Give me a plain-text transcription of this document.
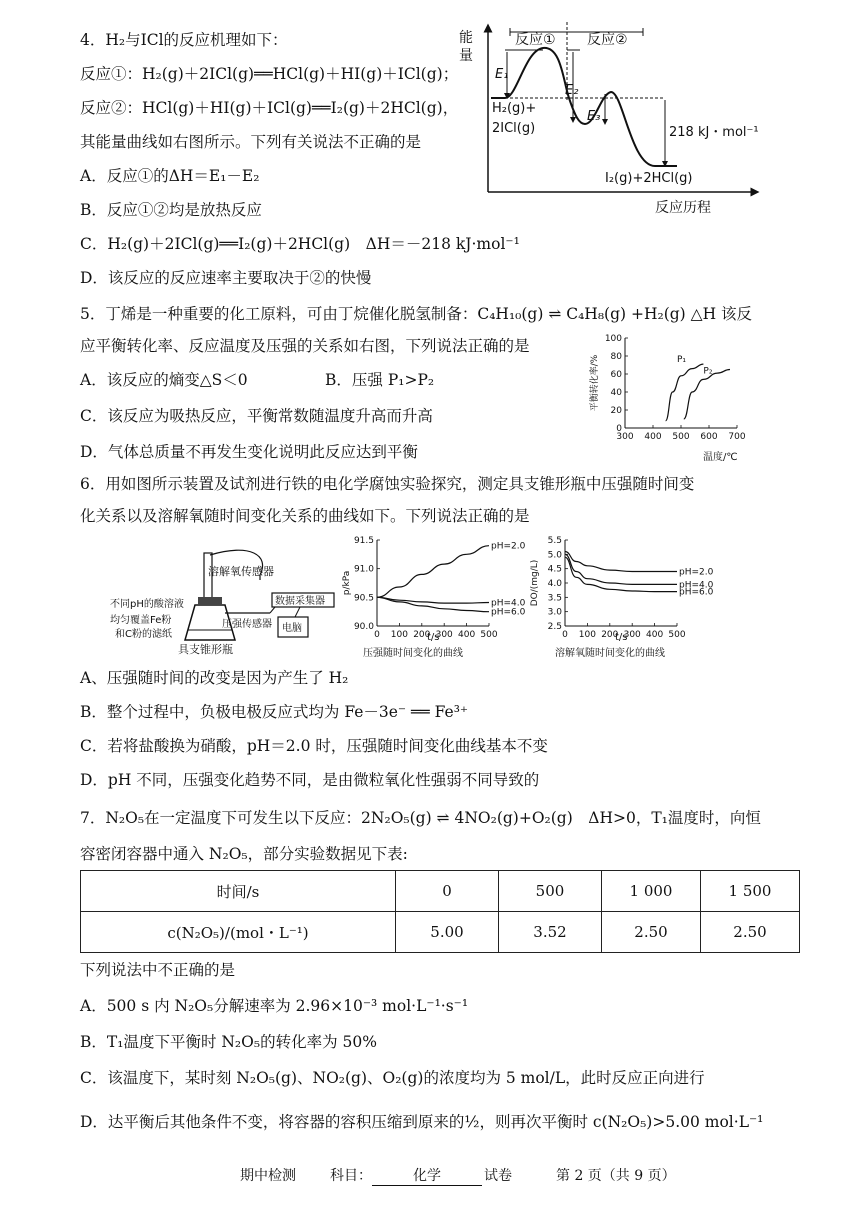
4．H₂与ICl的反应机理如下：
反应①：H₂(g)＋2ICl(g)══HCl(g)＋HI(g)＋ICl(g)；
反应②：HCl(g)＋HI(g)＋ICl(g)══I₂(g)＋2HCl(g)，
其能量曲线如右图所示。下列有关说法不正确的是
A．反应①的ΔH＝E₁－E₂
B．反应①②均是放热反应
C．H₂(g)＋2ICl(g)══I₂(g)＋2HCl(g)　ΔH＝－218 kJ·mol⁻¹
D．该反应的反应速率主要取决于②的快慢
能
量
反应历程
反应① 反应②
E₁
E₂
E₃
H₂(g)+
2ICl(g)	218 kJ・mol⁻¹
I₂(g)+2HCl(g)
5．丁烯是一种重要的化工原料，可由丁烷催化脱氢制备：C₄H₁₀(g) ⇌ C₄H₈(g) +H₂(g) △H 该反
应平衡转化率、反应温度及压强的关系如右图，下列说法正确的是
A．该反应的熵变△S＜0	B．压强 P₁>P₂
C．该反应为吸热反应，平衡常数随温度升高而升高
D．气体总质量不再发生变化说明此反应达到平衡
300 400 500 600 700
0
20
40
60
80
100
平衡转化率/%
温度/℃
P₁
P₂
6．用如图所示装置及试剂进行铁的电化学腐蚀实验探究，测定具支锥形瓶中压强随时间变
化关系以及溶解氧随时间变化关系的曲线如下。下列说法正确的是
溶解氧传感器
不同pH的酸溶液
均匀覆盖Fe粉
和C粉的滤纸
压强传感器
数据采集器
电脑
具支锥形瓶
0 100 200 300 400 500
90.0
90.5
91.0
91.5
p/kPa
t/s
压强随时间变化的曲线
pH=2.0
pH=4.0
pH=6.0
0 100 200 300 400 500
2.5
3.0
3.5
4.0
4.5
5.0
5.5
DO/(mg/L)
t/s
溶解氧随时间变化的曲线
pH=2.0
pH=4.0
pH=6.0
A、压强随时间的改变是因为产生了 H₂
B．整个过程中，负极电极反应式均为 Fe－3e⁻ ══ Fe³⁺
C．若将盐酸换为硝酸，pH＝2.0 时，压强随时间变化曲线基本不变
D．pH 不同，压强变化趋势不同，是由微粒氧化性强弱不同导致的
7．N₂O₅在一定温度下可发生以下反应：2N₂O₅(g) ⇌ 4NO₂(g)+O₂(g)　ΔH>0，T₁温度时，向恒
容密闭容器中通入 N₂O₅，部分实验数据见下表:
时间/s	0	500	1 000	1 500
c(N₂O₅)/(mol・L⁻¹)	5.00	3.52	2.50	2.50
下列说法中不正确的是
A．500 s 内 N₂O₅分解速率为 2.96×10⁻³ mol·L⁻¹·s⁻¹
B．T₁温度下平衡时 N₂O₅的转化率为 50%
C．该温度下，某时刻 N₂O₅(g)、NO₂(g)、O₂(g)的浓度均为 5 mol/L，此时反应正向进行
D．达平衡后其他条件不变，将容器的容积压缩到原来的½，则再次平衡时 c(N₂O₅)>5.00 mol·L⁻¹
期中检测 科目：	化学	试卷	第 2 页（共 9 页）
